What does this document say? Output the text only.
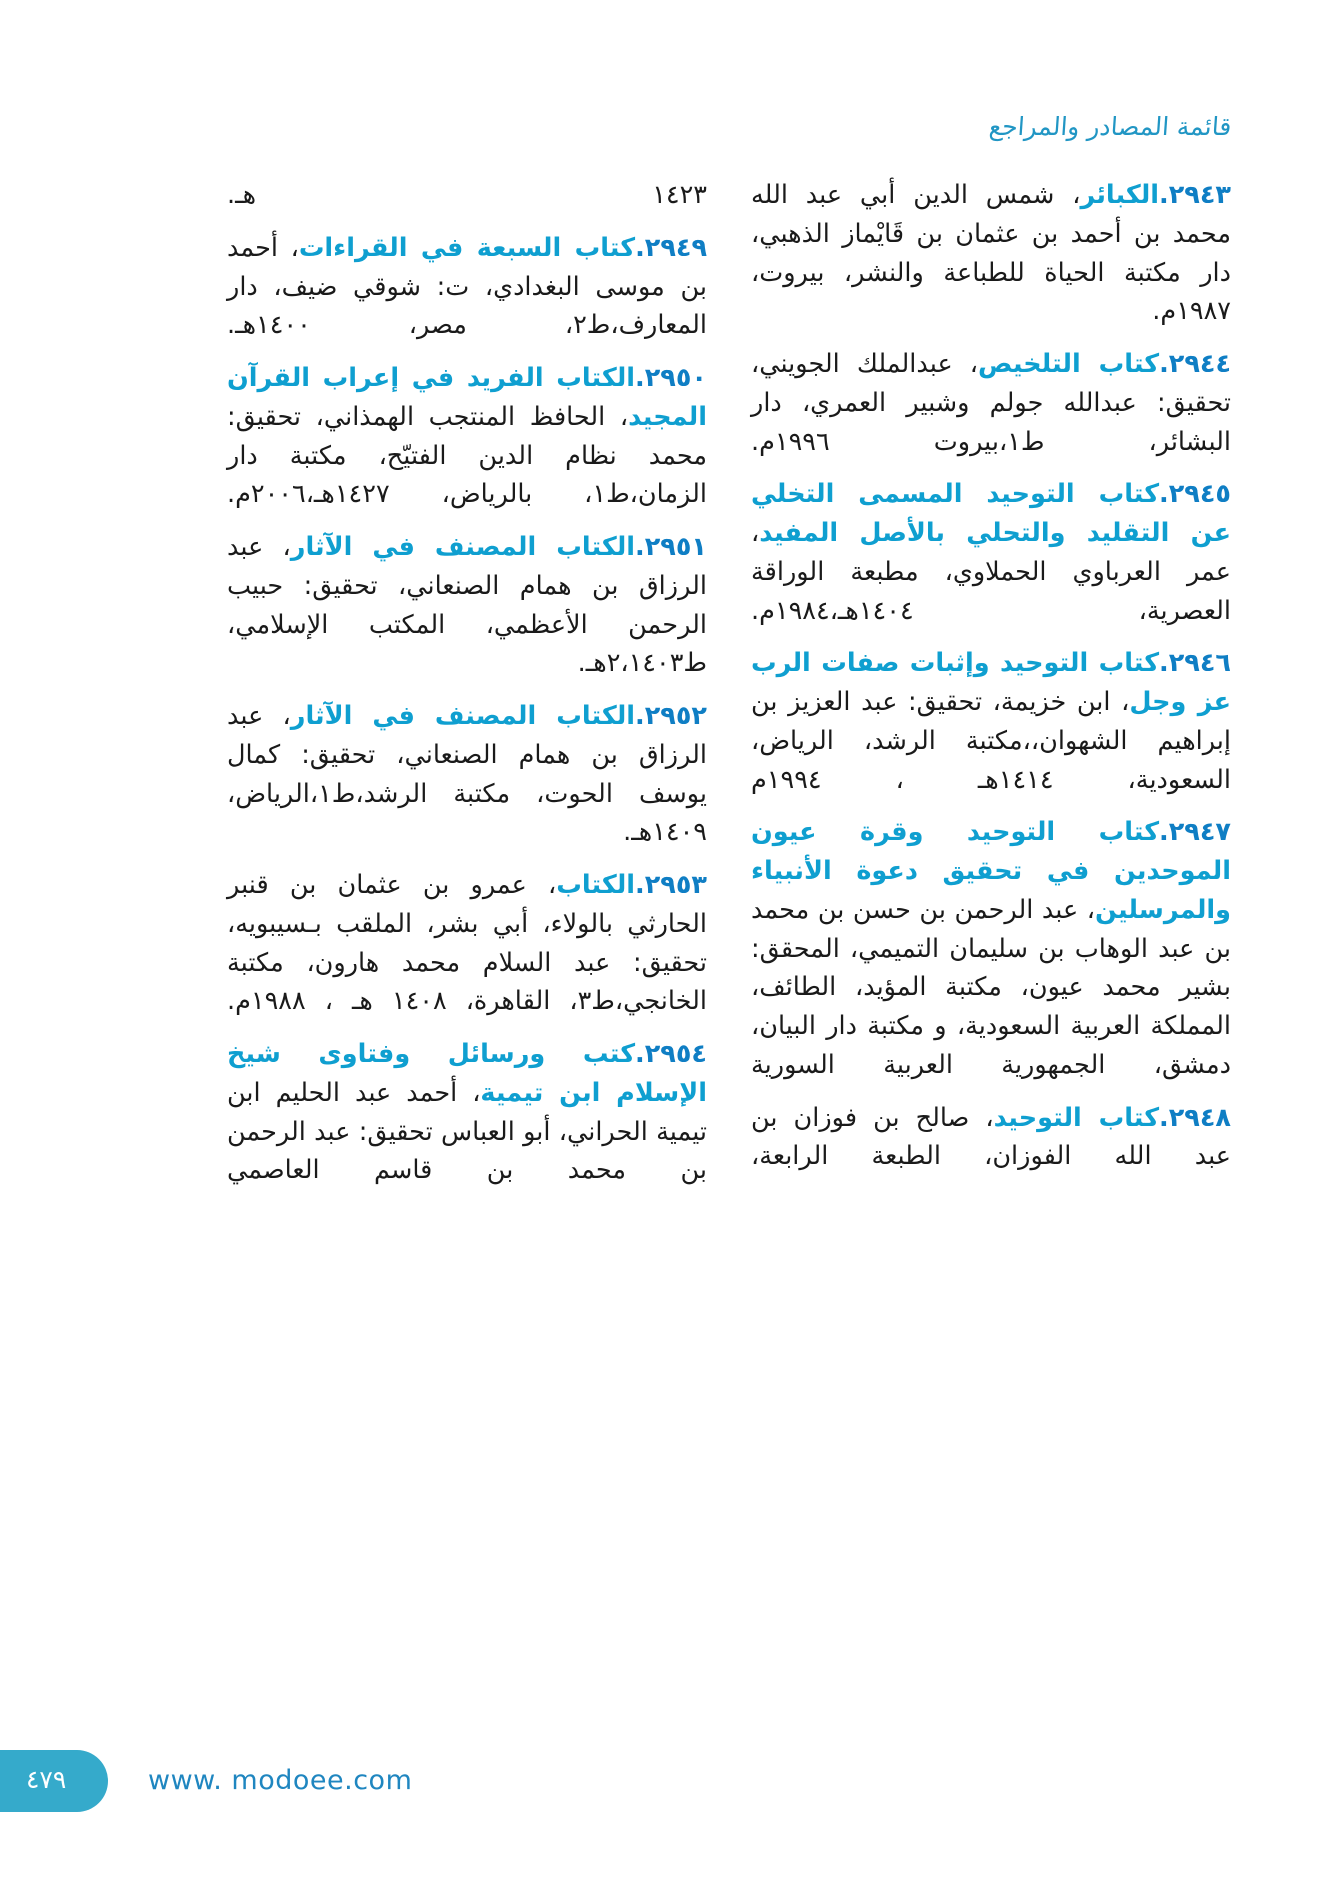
قائمة المصادر والمراجع
٢٩٤٣.الكبائر، شمس الدين أبي عبد الله محمد بن أحمد بن عثمان بن قَايْماز الذهبي، دار مكتبة الحياة للطباعة والنشر، بيروت، ١٩٨٧م.
٢٩٤٤.كتاب التلخيص، عبدالملك الجويني، تحقيق: عبدالله جولم وشبير العمري، دار البشائر، ط١،بيروت ١٩٩٦م.
٢٩٤٥.كتاب التوحيد المسمى التخلي عن التقليد والتحلي بالأصل المفيد، عمر العرباوي الحملاوي، مطبعة الوراقة العصرية، ١٤٠٤هـ،١٩٨٤م.
٢٩٤٦.كتاب التوحيد وإثبات صفات الرب عز وجل، ابن خزيمة، تحقيق: عبد العزيز بن إبراهيم الشهوان،،مكتبة الرشد، الرياض، السعودية، ١٤١٤هـ ، ١٩٩٤م
٢٩٤٧.كتاب التوحيد وقرة عيون الموحدين في تحقيق دعوة الأنبياء والمرسلين، عبد الرحمن بن حسن بن محمد بن عبد الوهاب بن سليمان التميمي، المحقق: بشير محمد عيون، مكتبة المؤيد، الطائف، المملكة العربية السعودية، و مكتبة دار البيان، دمشق، الجمهورية العربية السورية
٢٩٤٨.كتاب التوحيد، صالح بن فوزان بن عبد الله الفوزان، الطبعة الرابعة،
١٤٢٣ هـ.
٢٩٤٩.كتاب السبعة في القراءات، أحمد بن موسى البغدادي، ت: شوقي ضيف، دار المعارف،ط٢، مصر، ١٤٠٠هـ.
٢٩٥٠.الكتاب الفريد في إعراب القرآن المجيد، الحافظ المنتجب الهمذاني، تحقيق: محمد نظام الدين الفتيّح، مكتبة دار الزمان،ط١، بالرياض، ١٤٢٧هـ،٢٠٠٦م.
٢٩٥١.الكتاب المصنف في الآثار، عبد الرزاق بن همام الصنعاني، تحقيق: حبيب الرحمن الأعظمي، المكتب الإسلامي، ط٢،١٤٠٣هـ.
٢٩٥٢.الكتاب المصنف في الآثار، عبد الرزاق بن همام الصنعاني، تحقيق: كمال يوسف الحوت، مكتبة الرشد،ط١،الرياض، ١٤٠٩هـ.
٢٩٥٣.الكتاب، عمرو بن عثمان بن قنبر الحارثي بالولاء، أبي بشر، الملقب بـسيبويه، تحقيق: عبد السلام محمد هارون، مكتبة الخانجي،ط٣، القاهرة، ١٤٠٨ هـ ، ١٩٨٨م.
٢٩٥٤.كتب ورسائل وفتاوى شيخ الإسلام ابن تيمية، أحمد عبد الحليم ابن تيمية الحراني، أبو العباس تحقيق: عبد الرحمن بن محمد بن قاسم العاصمي
٤٧٩	www. modoee.com
